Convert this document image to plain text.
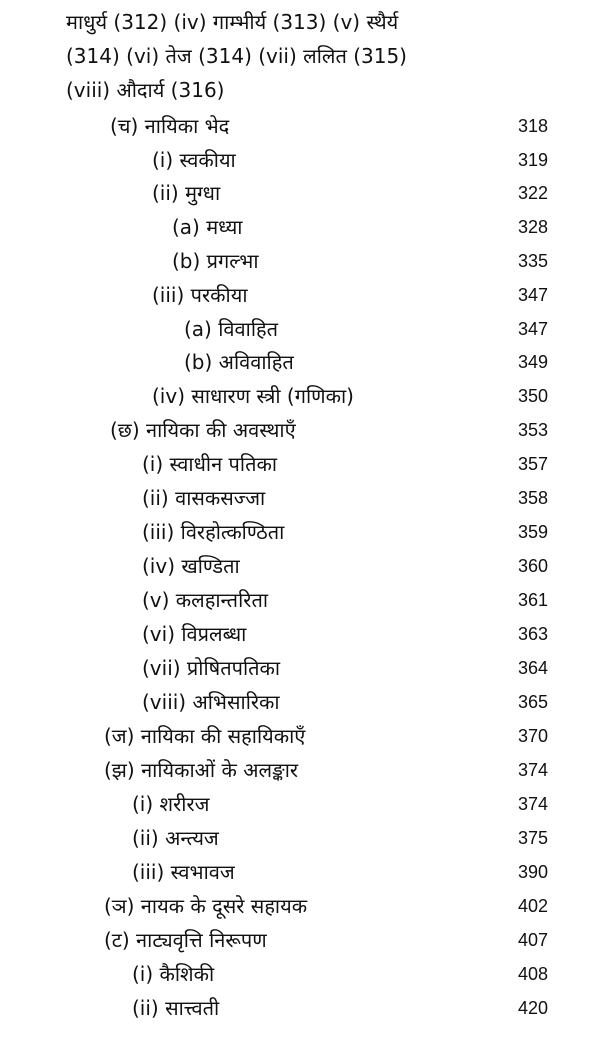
माधुर्य (312) (iv) गाम्भीर्य (313) (v) स्थैर्य
(314) (vi) तेज (314) (vii) ललित (315)
(viii) औदार्य (316)
(च) नायिका भेद	318
(i) स्वकीया	319
(ii) मुग्धा	322
(a) मध्या	328
(b) प्रगल्भा	335
(iii) परकीया	347
(a) विवाहित	347
(b) अविवाहित	349
(iv) साधारण स्त्री (गणिका)	350
(छ) नायिका की अवस्थाएँ	353
(i) स्वाधीन पतिका	357
(ii) वासकसज्जा	358
(iii) विरहोत्कण्ठिता	359
(iv) खण्डिता	360
(v) कलहान्तरिता	361
(vi) विप्रलब्धा	363
(vii) प्रोषितपतिका	364
(viii) अभिसारिका	365
(ज) नायिका की सहायिकाएँ	370
(झ) नायिकाओं के अलङ्कार	374
(i) शरीरज	374
(ii) अन्त्यज	375
(iii) स्वभावज	390
(ञ) नायक के दूसरे सहायक	402
(ट) नाट्यवृत्ति निरूपण	407
(i) कैशिकी	408
(ii) सात्त्वती	420
